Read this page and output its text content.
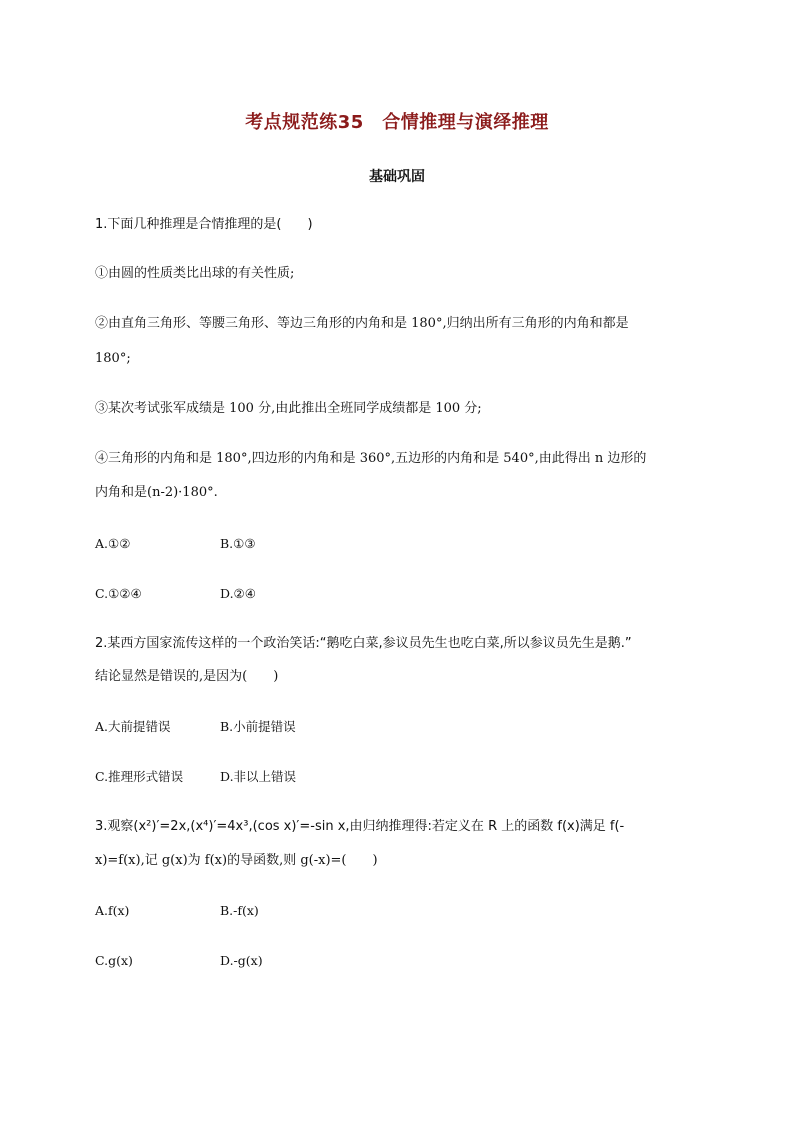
考点规范练35　合情推理与演绎推理
基础巩固
1.下面几种推理是合情推理的是(　　)
①由圆的性质类比出球的有关性质;
②由直角三角形、等腰三角形、等边三角形的内角和是 180°,归纳出所有三角形的内角和都是
180°;
③某次考试张军成绩是 100 分,由此推出全班同学成绩都是 100 分;
④三角形的内角和是 180°,四边形的内角和是 360°,五边形的内角和是 540°,由此得出 n 边形的
内角和是(n-2)·180°.
A.①②	B.①③
C.①②④	D.②④
2.某西方国家流传这样的一个政治笑话:“鹅吃白菜,参议员先生也吃白菜,所以参议员先生是鹅.”
结论显然是错误的,是因为(　　)
A.大前提错误	B.小前提错误
C.推理形式错误	D.非以上错误
3.观察(x²)′=2x,(x⁴)′=4x³,(cos x)′=-sin x,由归纳推理得:若定义在 R 上的函数 f(x)满足 f(-
x)=f(x),记 g(x)为 f(x)的导函数,则 g(-x)=(　　)
A.f(x)	B.-f(x)
C.g(x)	D.-g(x)
